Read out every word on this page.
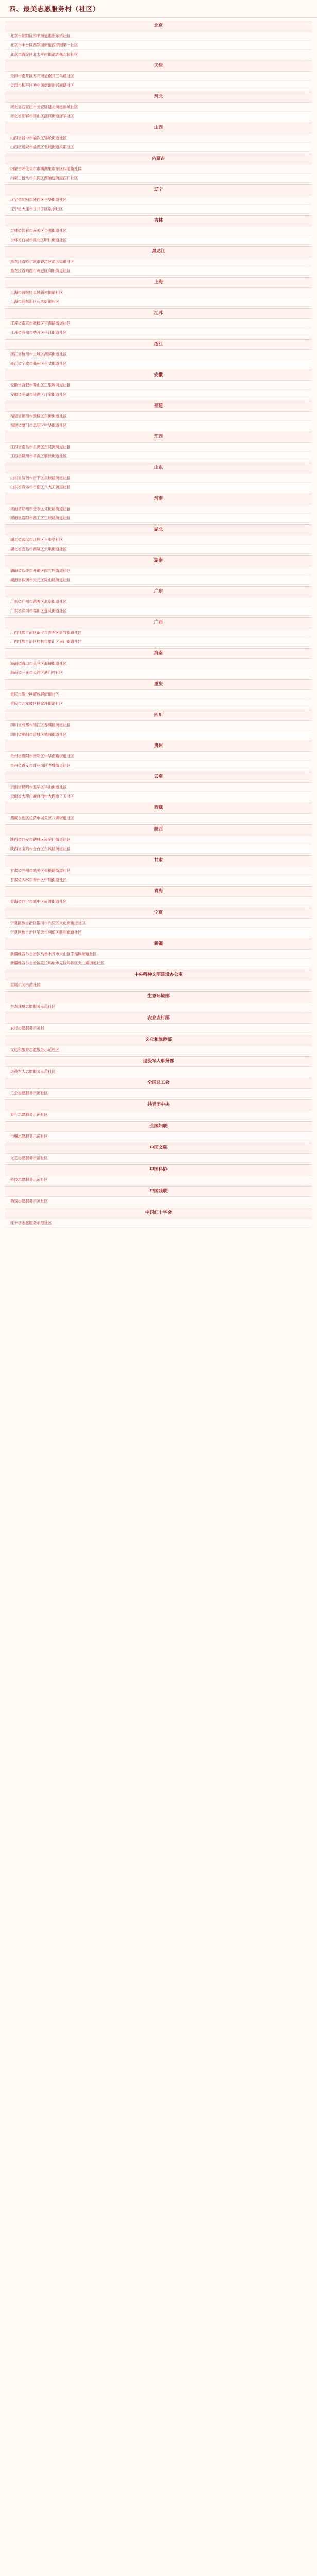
四、最美志愿服务村（社区）
北京
北京市朝阳区和平街道惠新东桥社区
北京市丰台区西罗园街道西罗园第一社区
北京市海淀区北太平庄街道志强北园社区
天津
天津市南开区万兴街道南开三马路社区
天津市和平区劝业场街道新兴南路社区
河北
河北省石家庄市长安区建北街道新城社区
河北省邯郸市邯山区滏河街道滏华社区
山西
山西省晋中市榆次区锦纶街道社区
山西省运城市盐湖区北城街道禹都社区
内蒙古
内蒙古呼伦贝尔市满洲里市东区四道街社区
内蒙古包头市东河区西脑包街道西门社区
辽宁
辽宁省沈阳市铁西区兴华街道社区
辽宁省大连市甘井子区泉水社区
吉林
吉林省长春市南关区自强街道社区
吉林省白城市洮北区明仁街道社区
黑龙江
黑龙江省哈尔滨市香坊区通天街道社区
黑龙江省鸡西市鸡冠区向阳街道社区
上海
上海市普陀区长风新村街道社区
上海市浦东新区花木街道社区
江苏
江苏省南京市鼓楼区宁海路街道社区
江苏省苏州市姑苏区平江街道社区
浙江
浙江省杭州市上城区湖滨街道社区
浙江省宁波市鄞州区百丈街道社区
安徽
安徽省合肥市蜀山区三里庵街道社区
安徽省芜湖市镜湖区汀棠街道社区
福建
福建省福州市鼓楼区东街街道社区
福建省厦门市思明区中华街道社区
江西
江西省南昌市东湖区百花洲街道社区
江西省赣州市章贡区解放街道社区
山东
山东省济南市历下区泉城路街道社区
山东省青岛市市南区八大关街道社区
河南
河南省郑州市金水区文化路街道社区
河南省洛阳市西工区王城路街道社区
湖北
湖北省武汉市江岸区百步亭社区
湖北省宜昌市西陵区云集街道社区
湖南
湖南省长沙市开福区四方坪街道社区
湖南省株洲市天元区嵩山路街道社区
广东
广东省广州市越秀区北京街道社区
广东省深圳市福田区莲花街道社区
广西
广西壮族自治区南宁市青秀区新竹街道社区
广西壮族自治区桂林市象山区南门街道社区
海南
海南省海口市美兰区海甸街道社区
海南省三亚市天涯区港门村社区
重庆
重庆市渝中区解放碑街道社区
重庆市九龙坡区杨家坪街道社区
四川
四川省成都市锦江区春熙路街道社区
四川省绵阳市涪城区城厢街道社区
贵州
贵州省贵阳市南明区中华南路街道社区
贵州省遵义市红花岗区老城街道社区
云南
云南省昆明市五华区华山街道社区
云南省大理白族自治州大理市下关社区
西藏
西藏自治区拉萨市城关区八廓街道社区
陕西
陕西省西安市碑林区南院门街道社区
陕西省宝鸡市金台区东风路街道社区
甘肃
甘肃省兰州市城关区张掖路街道社区
甘肃省天水市秦州区中城街道社区
青海
青海省西宁市城中区南滩街道社区
宁夏
宁夏回族自治区银川市兴庆区文化街街道社区
宁夏回族自治区吴忠市利通区胜利街道社区
新疆
新疆维吾尔自治区乌鲁木齐市天山区幸福路街道社区
新疆维吾尔自治区克拉玛依市克拉玛依区天山路街道社区
中央精神文明建设办公室
直属机关示范社区
生态环境部
生态环境志愿服务示范社区
农业农村部
农村志愿服务示范村
文化和旅游部
文化和旅游志愿服务示范社区
退役军人事务部
退役军人志愿服务示范社区
全国总工会
工会志愿服务示范社区
共青团中央
青年志愿服务示范社区
全国妇联
巾帼志愿服务示范社区
中国文联
文艺志愿服务示范社区
中国科协
科技志愿服务示范社区
中国残联
助残志愿服务示范社区
中国红十字会
红十字志愿服务示范社区
